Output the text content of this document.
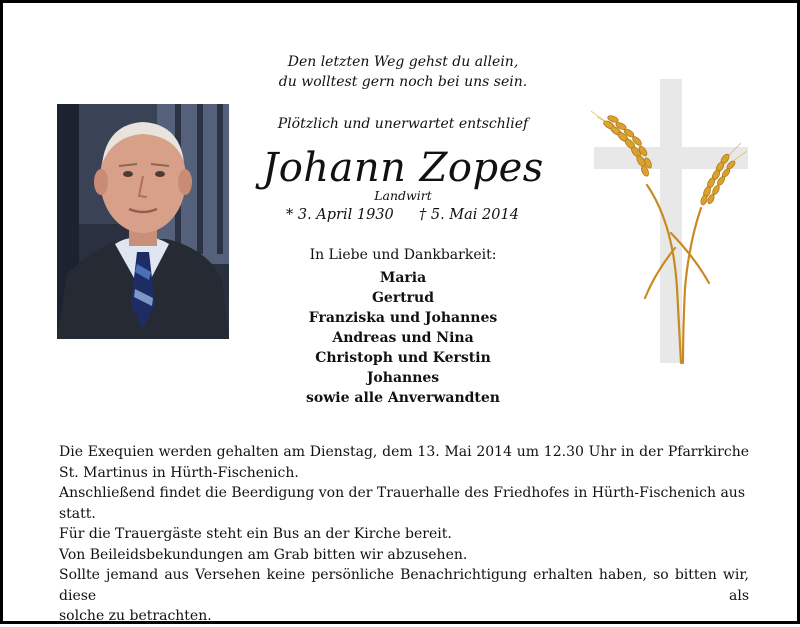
Den letzten Weg gehst du allein,
du wolltest gern noch bei uns sein.
Plötzlich und unerwartet entschlief
Johann Zopes
Landwirt
* 3. April 1930 † 5. Mai 2014
In Liebe und Dankbarkeit:
Maria
Gertrud
Franziska und Johannes
Andreas und Nina
Christoph und Kerstin
Johannes
sowie alle Anverwandten

Die Exequien werden gehalten am Dienstag, dem 13. Mai 2014 um 12.30 Uhr in der Pfarrkirche

St. Martinus in Hürth-Fischenich.

Anschließend findet die Beerdigung von der Trauerhalle des Friedhofes in Hürth-Fischenich aus statt.

Für die Trauergäste steht ein Bus an der Kirche bereit.

Von Beileidsbekundungen am Grab bitten wir abzusehen.

Sollte jemand aus Versehen keine persönliche Benachrichtigung erhalten haben, so bitten wir, diese als

solche zu betrachten.
